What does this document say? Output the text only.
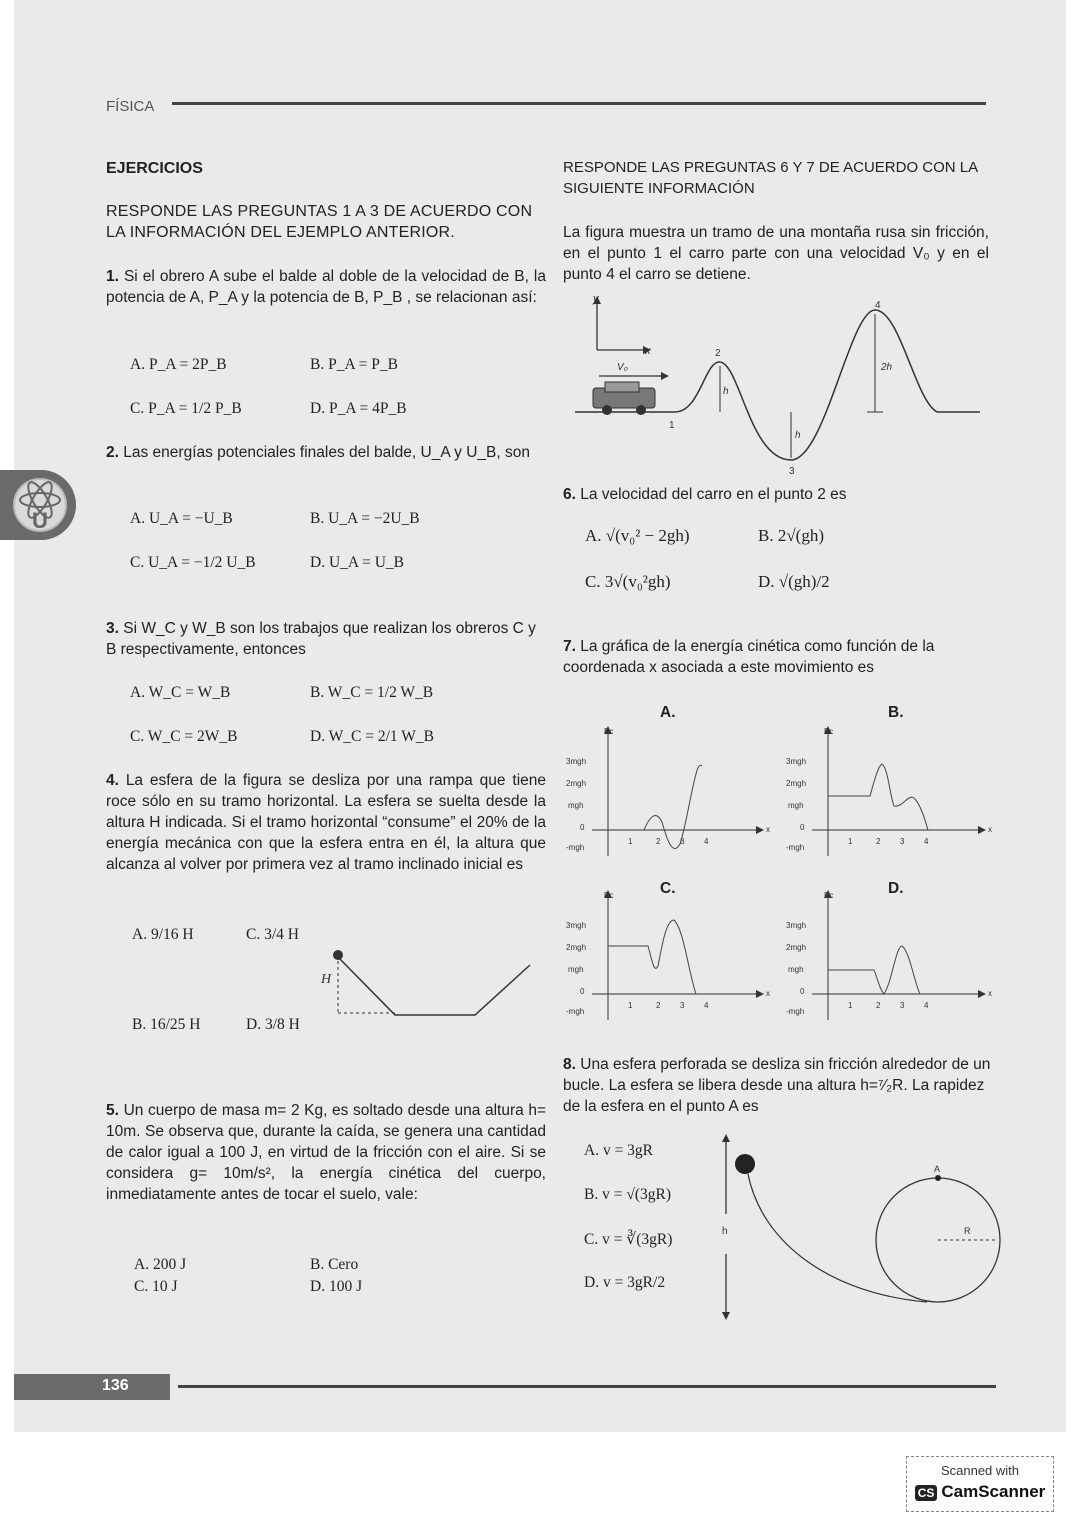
FÍSICA
U
EJERCICIOS
RESPONDE LAS PREGUNTAS 1 A 3 DE ACUERDO CON LA INFORMACIÓN DEL EJEMPLO ANTERIOR.
1. Si el obrero A sube el balde al doble de la velocidad de B, la potencia de A, P_A y la potencia de B, P_B , se relacionan así:
A. P_A = 2P_B	B. P_A = P_B
C. P_A = 1/2 P_B	D. P_A = 4P_B
2. Las energías potenciales finales del balde, U_A y U_B, son
A. U_A = −U_B	B. U_A = −2U_B
C. U_A = −1/2 U_B	D. U_A = U_B
3. Si W_C y W_B son los trabajos que realizan los obreros C y B respectivamente, entonces
A. W_C = W_B	B. W_C = 1/2 W_B
C. W_C = 2W_B	D. W_C = 2/1 W_B
4. La esfera de la figura se desliza por una rampa que tiene roce sólo en su tramo horizontal. La esfera se suelta desde la altura H indicada. Si el tramo horizontal “consume” el 20% de la energía mecánica con que la esfera entra en él, la altura que alcanza al volver por primera vez al tramo inclinado inicial es
A. 9/16 H	C. 3/4 H
B. 16/25 H	D. 3/8 H
H
5. Un cuerpo de masa m= 2 Kg, es soltado desde una altura h= 10m. Se observa que, durante la caída, se genera una cantidad de calor igual a 100 J, en virtud de la fricción con el aire. Si se considera g= 10m/s², la energía cinética del cuerpo, inmediatamente antes de tocar el suelo, vale:
A. 200 J	B. Cero
C. 10 J	D. 100 J
RESPONDE LAS PREGUNTAS 6 Y 7 DE ACUERDO CON LA SIGUIENTE INFORMACIÓN
La figura muestra un tramo de una montaña rusa sin fricción, en el punto 1 el carro parte con una velocidad V₀ y en el punto 4 el carro se detiene.
y
x
V₀
1
2
3
4
h
h
2h
6. La velocidad del carro en el punto 2 es
A. √(v₀² − 2gh)	B. 2√(gh)
C. 3√(v₀²gh)	D. √(gh)/2
7. La gráfica de la energía cinética como función de la coordenada x asociada a este movimiento es
A.	B.
C.	D.
Ec
x
3mgh
2mgh
mgh
0
-mgh
1	2 3 4
Ec
x
3mgh
2mgh
mgh
0
-mgh
1	2 3 4
Ec
x
3mgh
2mgh
mgh
0
-mgh
1	2 3 4
Ec
x
3mgh
2mgh
mgh
0
-mgh
1	2 3 4
8. Una esfera perforada se desliza sin fricción alrededor de un bucle. La esfera se libera desde una altura h=⁷⁄₂R. La rapidez de la esfera en el punto A es
A. v = 3gR
B. v = √(3gR)
C. v = ∛(3gR)
D. v = 3gR/2
h
A
R
136
Scanned with
CS CamScanner
